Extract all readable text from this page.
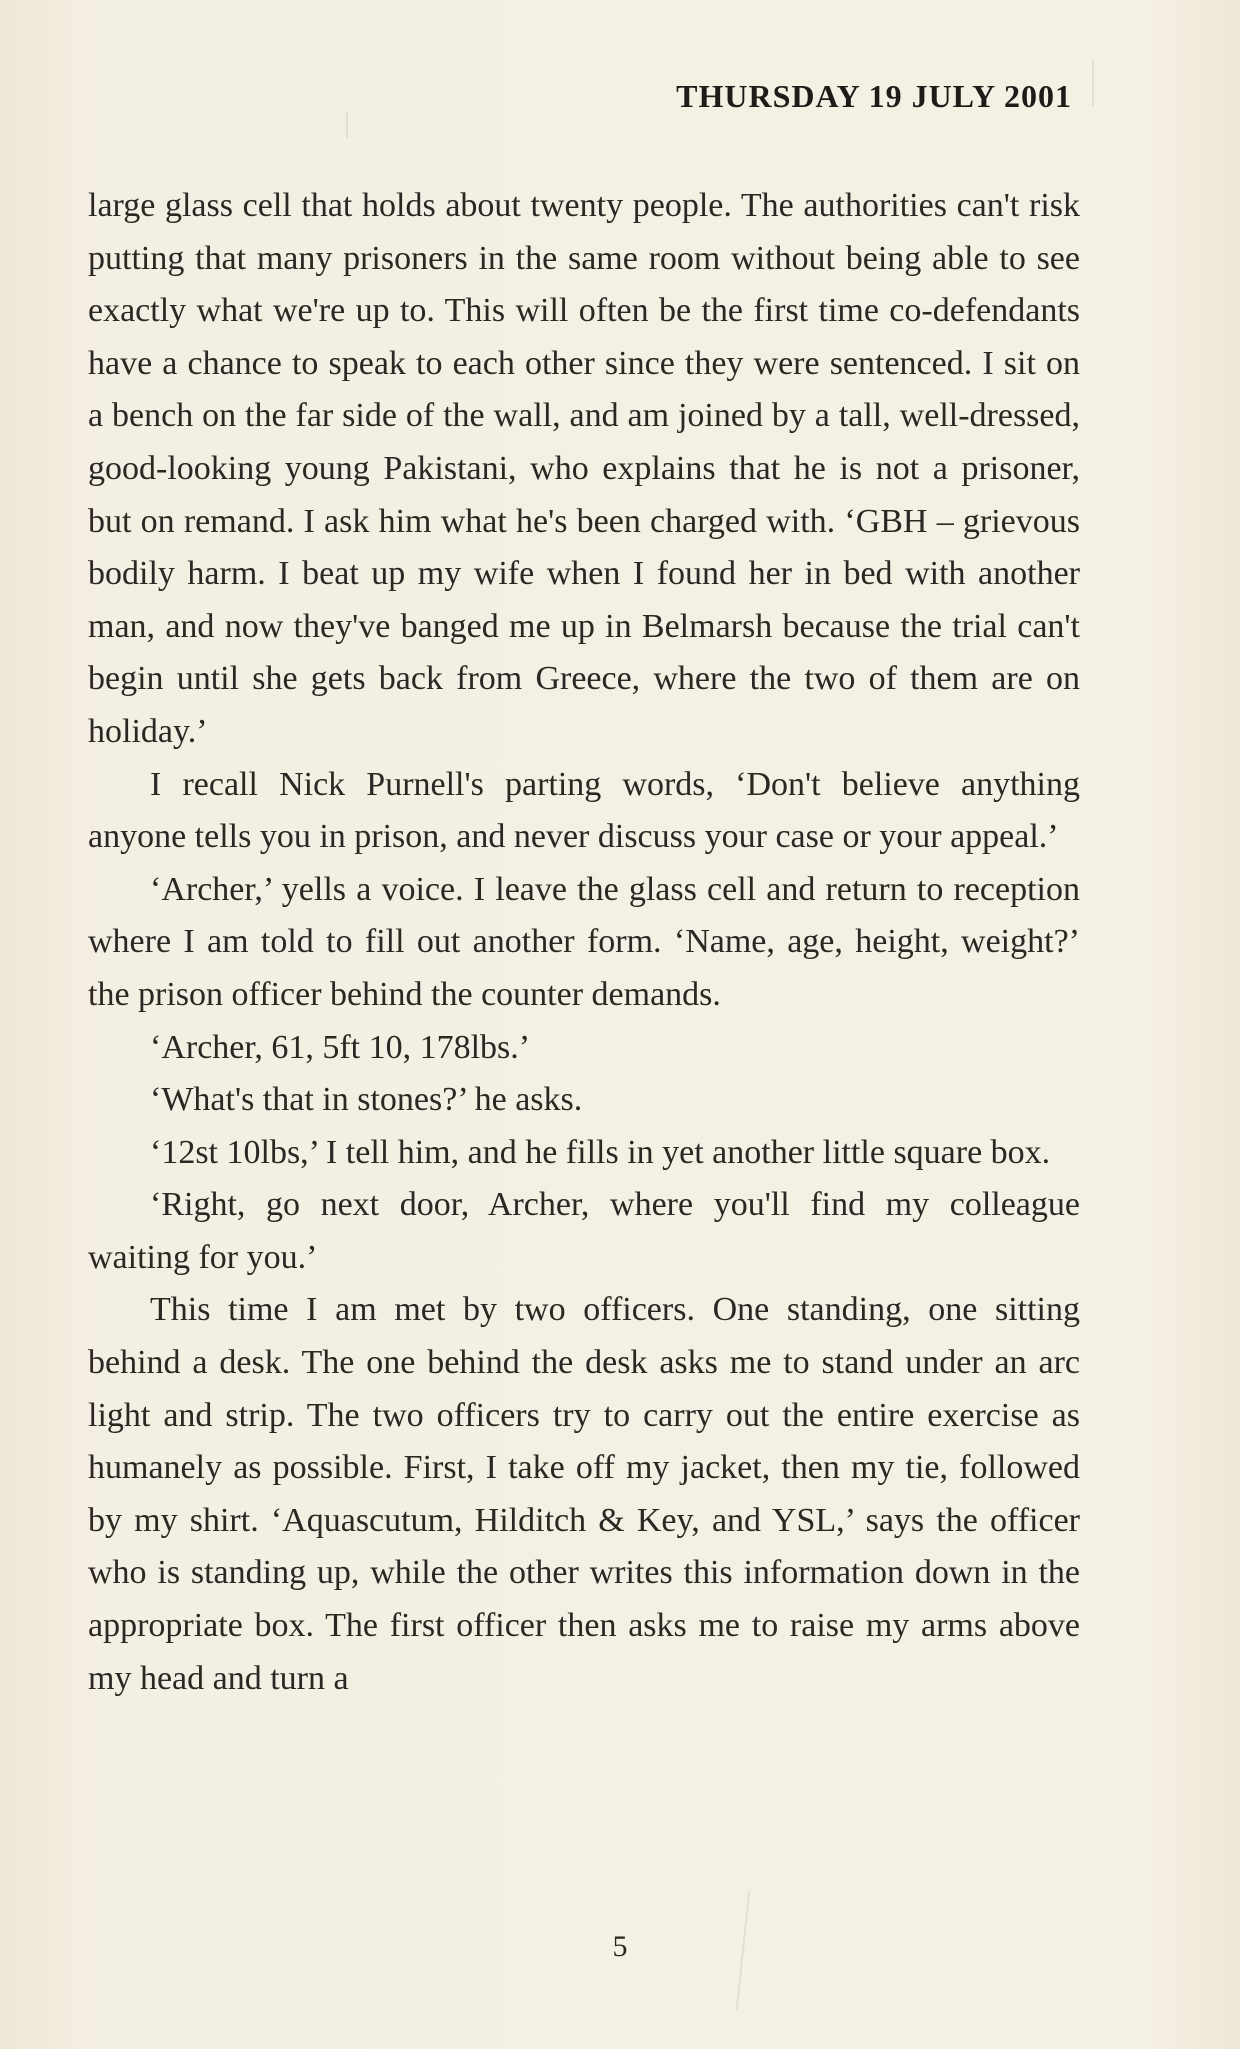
THURSDAY 19 JULY 2001

large glass cell that holds about twenty people. The authorities can't risk putting that many prisoners in the same room without being able to see exactly what we're up to. This will often be the first time co-defendants have a chance to speak to each other since they were sentenced. I sit on a bench on the far side of the wall, and am joined by a tall, well-dressed, good-looking young Pakistani, who explains that he is not a prisoner, but on remand. I ask him what he's been charged with. ‘GBH – grievous bodily harm. I beat up my wife when I found her in bed with another man, and now they've banged me up in Belmarsh because the trial can't begin until she gets back from Greece, where the two of them are on holiday.’

I recall Nick Purnell's parting words, ‘Don't believe anything anyone tells you in prison, and never discuss your case or your appeal.’

‘Archer,’ yells a voice. I leave the glass cell and return to reception where I am told to fill out another form. ‘Name, age, height, weight?’ the prison officer behind the counter demands.

‘Archer, 61, 5ft 10, 178lbs.’

‘What's that in stones?’ he asks.

‘12st 10lbs,’ I tell him, and he fills in yet another little square box.

‘Right, go next door, Archer, where you'll find my colleague waiting for you.’

This time I am met by two officers. One standing, one sitting behind a desk. The one behind the desk asks me to stand under an arc light and strip. The two officers try to carry out the entire exercise as humanely as possible. First, I take off my jacket, then my tie, followed by my shirt. ‘Aquascutum, Hilditch & Key, and YSL,’ says the officer who is standing up, while the other writes this information down in the appropriate box. The first officer then asks me to raise my arms above my head and turn a

5
